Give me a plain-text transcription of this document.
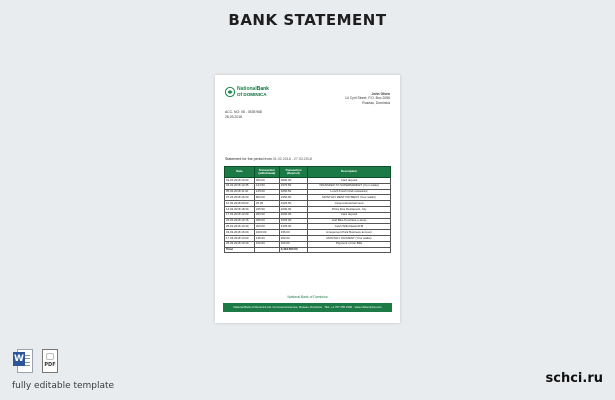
BANK STATEMENT
NationalBank
Of DOMINICA	John Olsen
14 Cyril Street, P.O. Box 2056
Roseau, Dominica
ACC. NO: 08 - 0535 968
28.03.2018
Statement for the period from 01.02.2018 - 27.03.2018
Date	Transaction (withdrawal)	Transaction (Deposit)	Description
01.02.2018 10:00	200.00	3500.00	Card deposit
03.02.2018 13:45	124.50	3375.50	TRANSFER TO SUPERMARKET (Your wallet)
05.02.2018 11:10	125.00	3250.50	Lunch Fresh Crab restaurant
07.02.2018 15:20	800.00	2450.50	MONTHLY RENT PAYMENT (Your wallet)
10.02.2018 09:00	25.00	2425.50	Cinema Entertainment
14.02.2018 18:30	225.50	2200.00	Pizza Kiss Restaurant, city
17.02.2018 12:00	200.00	2000.00	Card deposit
20.02.2018 10:15	465.00	1535.00	Gulf Bike Purchase e-store
25.02.2018 14:40	200.00	1335.00	Cash Withdrawal ATM
03.03.2018 16:00	1000.00	335.00	Amusement Park Business account
17.03.2018 13:00	135.00	200.00	MONTHLY PAYMENT (Your wallet)
25.03.2018 10:30	100.00	100.00	Payment of Car Bills
Total		3,404,500.00	
National Bank of Dominica
National Bank of Dominica Ltd. Commercial Avenue, Roseau, Dominica · TEL: +1 767 255 2300 · www.nbdominica.com
W
PDF
fully editable template	schci.ru
